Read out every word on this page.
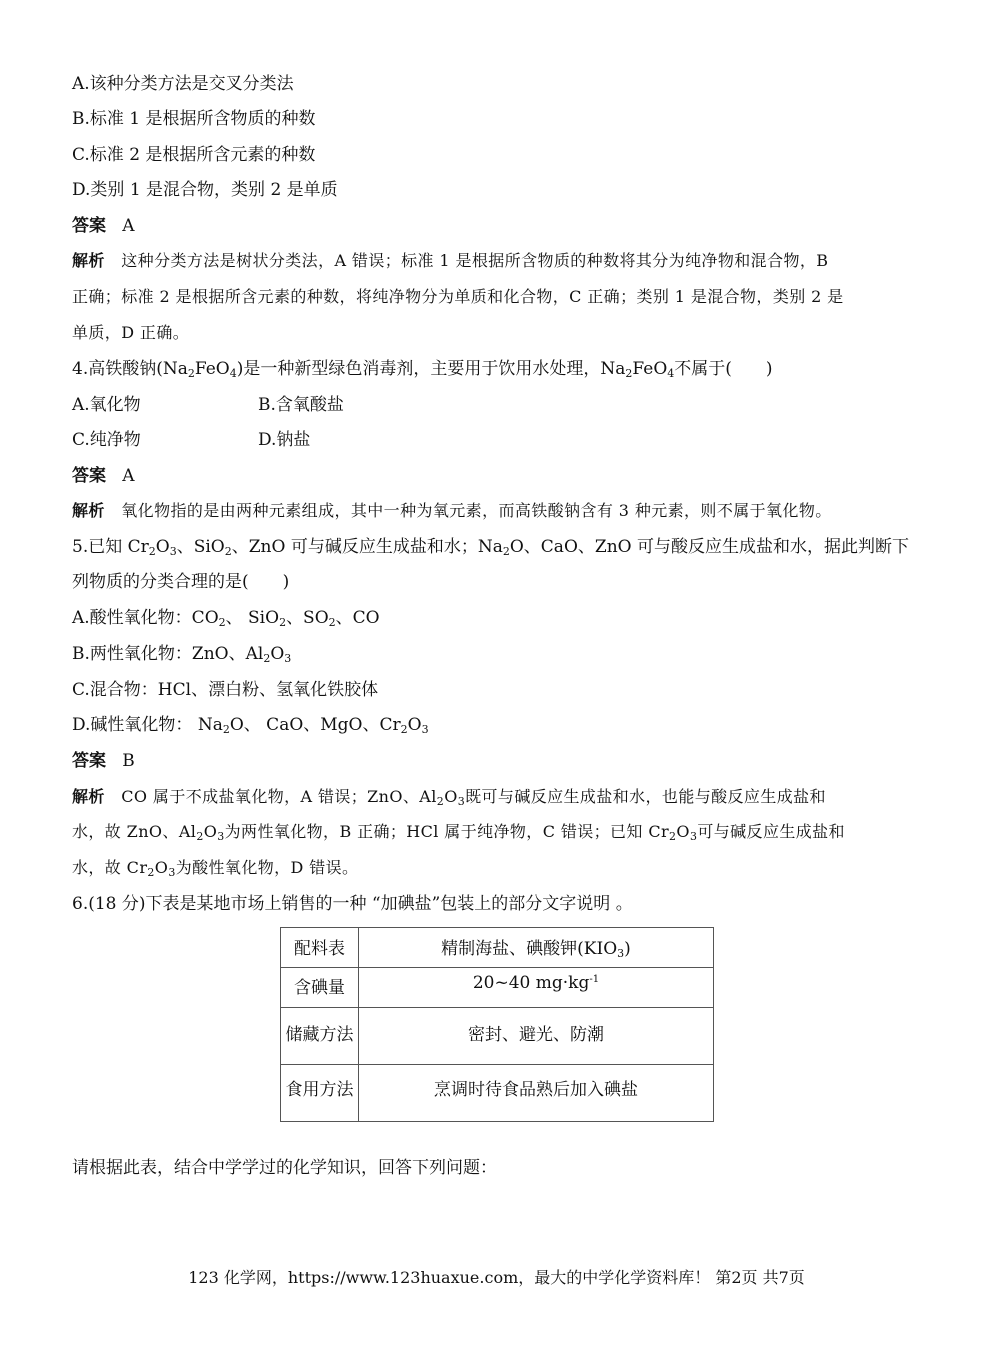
A.该种分类方法是交叉分类法
B.标准 1 是根据所含物质的种数
C.标准 2 是根据所含元素的种数
D.类别 1 是混合物，类别 2 是单质
答案 A
解析 这种分类方法是树状分类法，A 错误；标准 1 是根据所含物质的种数将其分为纯净物和混合物，B
正确；标准 2 是根据所含元素的种数，将纯净物分为单质和化合物，C 正确；类别 1 是混合物，类别 2 是
单质，D 正确。
4.高铁酸钠$(Na_2FeO_4)$是一种新型绿色消毒剂，主要用于饮用水处理，$Na_2FeO_4$不属于(　　)
A.氧化物	B.含氧酸盐
C.纯净物	D.钠盐
答案 A
解析 氧化物指的是由两种元素组成，其中一种为氧元素，而高铁酸钠含有 3 种元素，则不属于氧化物。
5.已知 $Cr_2O_3$、SiO$_2$、ZnO 可与碱反应生成盐和水；$Na_2O$、CaO、ZnO 可与酸反应生成盐和水，据此判断下
列物质的分类合理的是(　　)
A.酸性氧化物：$CO_2$、 SiO$_2$、$SO_2$、CO
B.两性氧化物：ZnO、$Al_2O_3$
C.混合物：HCl、漂白粉、氢氧化铁胶体
D.碱性氧化物： $Na_2O$、 CaO、MgO、$Cr_2O_3$
答案 B
解析 CO 属于不成盐氧化物，A 错误；ZnO、$Al_2O_3$既可与碱反应生成盐和水，也能与酸反应生成盐和
水，故 ZnO、$Al_2O_3$为两性氧化物，B 正确；HCl 属于纯净物，C 错误；已知 $Cr_2O_3$可与碱反应生成盐和
水，故 $Cr_2O_3$为酸性氧化物，D 错误。
6.(18 分)下表是某地市场上销售的一种 “加碘盐”包装上的部分文字说明 。
配料表	精制海盐、碘酸钾$(KIO_3)$
含碘量	20~40 $mg\cdot kg^{-1}$
储藏方法	密封、避光、防潮
食用方法	烹调时待食品熟后加入碘盐
请根据此表，结合中学学过的化学知识，回答下列问题：
123 化学网，https://www.123huaxue.com，最大的中学化学资料库！ 第2页 共7页
